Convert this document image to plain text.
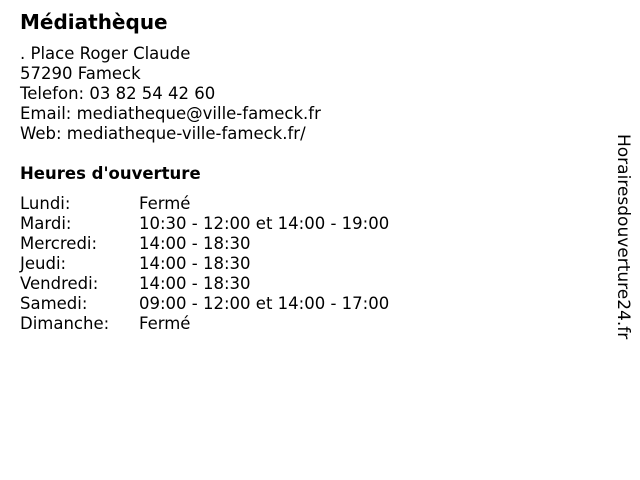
Médiathèque
. Place Roger Claude
57290 Fameck
Telefon: 03 82 54 42 60
Email: mediatheque@ville-fameck.fr
Web: mediatheque-ville-fameck.fr/
Heures d'ouverture
Lundi:	Fermé
Mardi:	10:30 - 12:00 et 14:00 - 19:00
Mercredi:	14:00 - 18:30
Jeudi:	14:00 - 18:30
Vendredi:	14:00 - 18:30
Samedi:	09:00 - 12:00 et 14:00 - 17:00
Dimanche:	Fermé	Horairesdouverture24.fr
